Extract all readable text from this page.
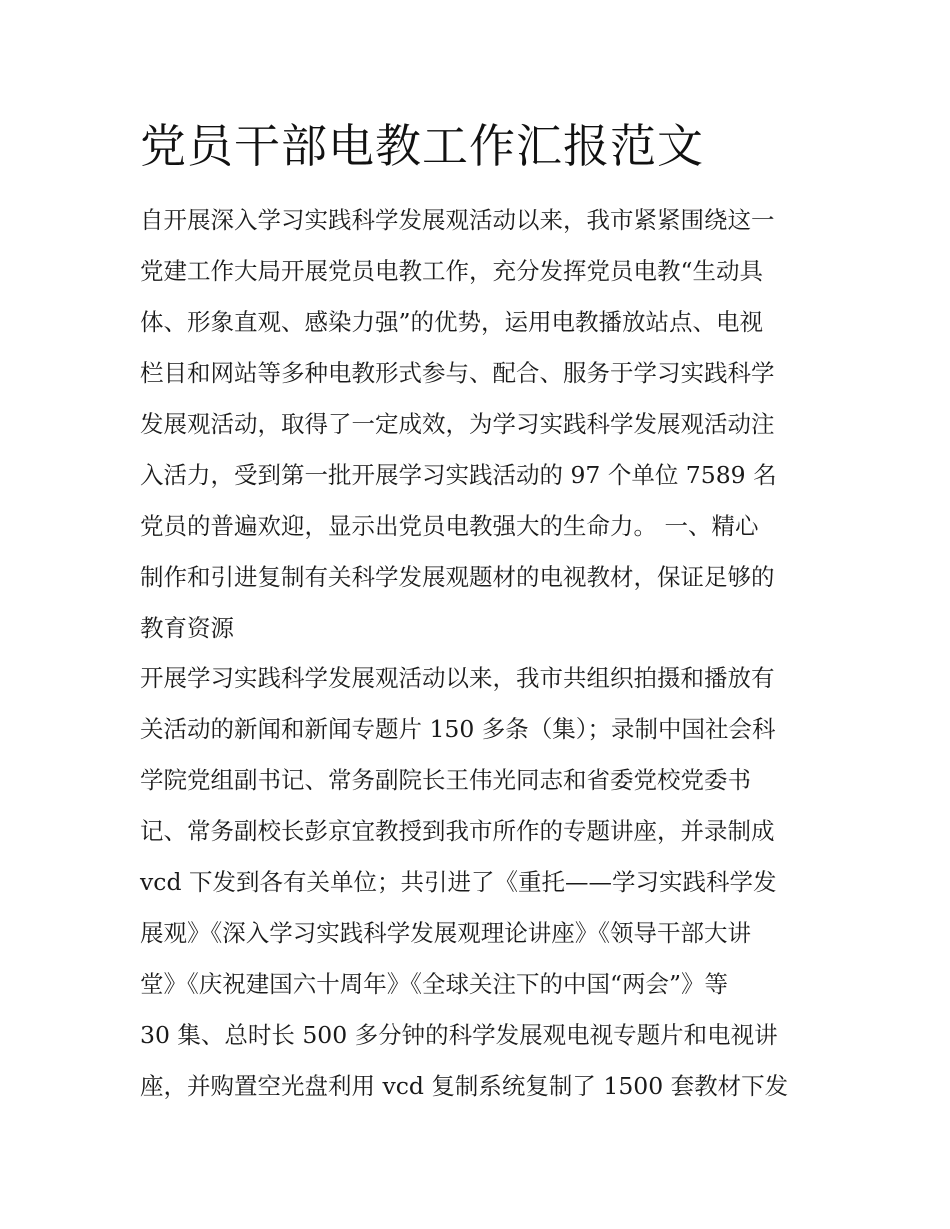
党员干部电教工作汇报范文
自开展深入学习实践科学发展观活动以来，我市紧紧围绕这一
党建工作大局开展党员电教工作，充分发挥党员电教“生动具
体、形象直观、感染力强”的优势，运用电教播放站点、电视
栏目和网站等多种电教形式参与、配合、服务于学习实践科学
发展观活动，取得了一定成效，为学习实践科学发展观活动注
入活力，受到第一批开展学习实践活动的 97 个单位 7589 名
党员的普遍欢迎，显示出党员电教强大的生命力。 一、精心
制作和引进复制有关科学发展观题材的电视教材，保证足够的
教育资源
开展学习实践科学发展观活动以来，我市共组织拍摄和播放有
关活动的新闻和新闻专题片 150 多条（集）；录制中国社会科
学院党组副书记、常务副院长王伟光同志和省委党校党委书
记、常务副校长彭京宜教授到我市所作的专题讲座，并录制成
vcd 下发到各有关单位；共引进了《重托——学习实践科学发
展观》《深入学习实践科学发展观理论讲座》《领导干部大讲
堂》《庆祝建国六十周年》《全球关注下的中国“两会”》等
30 集、总时长 500 多分钟的科学发展观电视专题片和电视讲
座，并购置空光盘利用 vcd 复制系统复制了 1500 套教材下发
